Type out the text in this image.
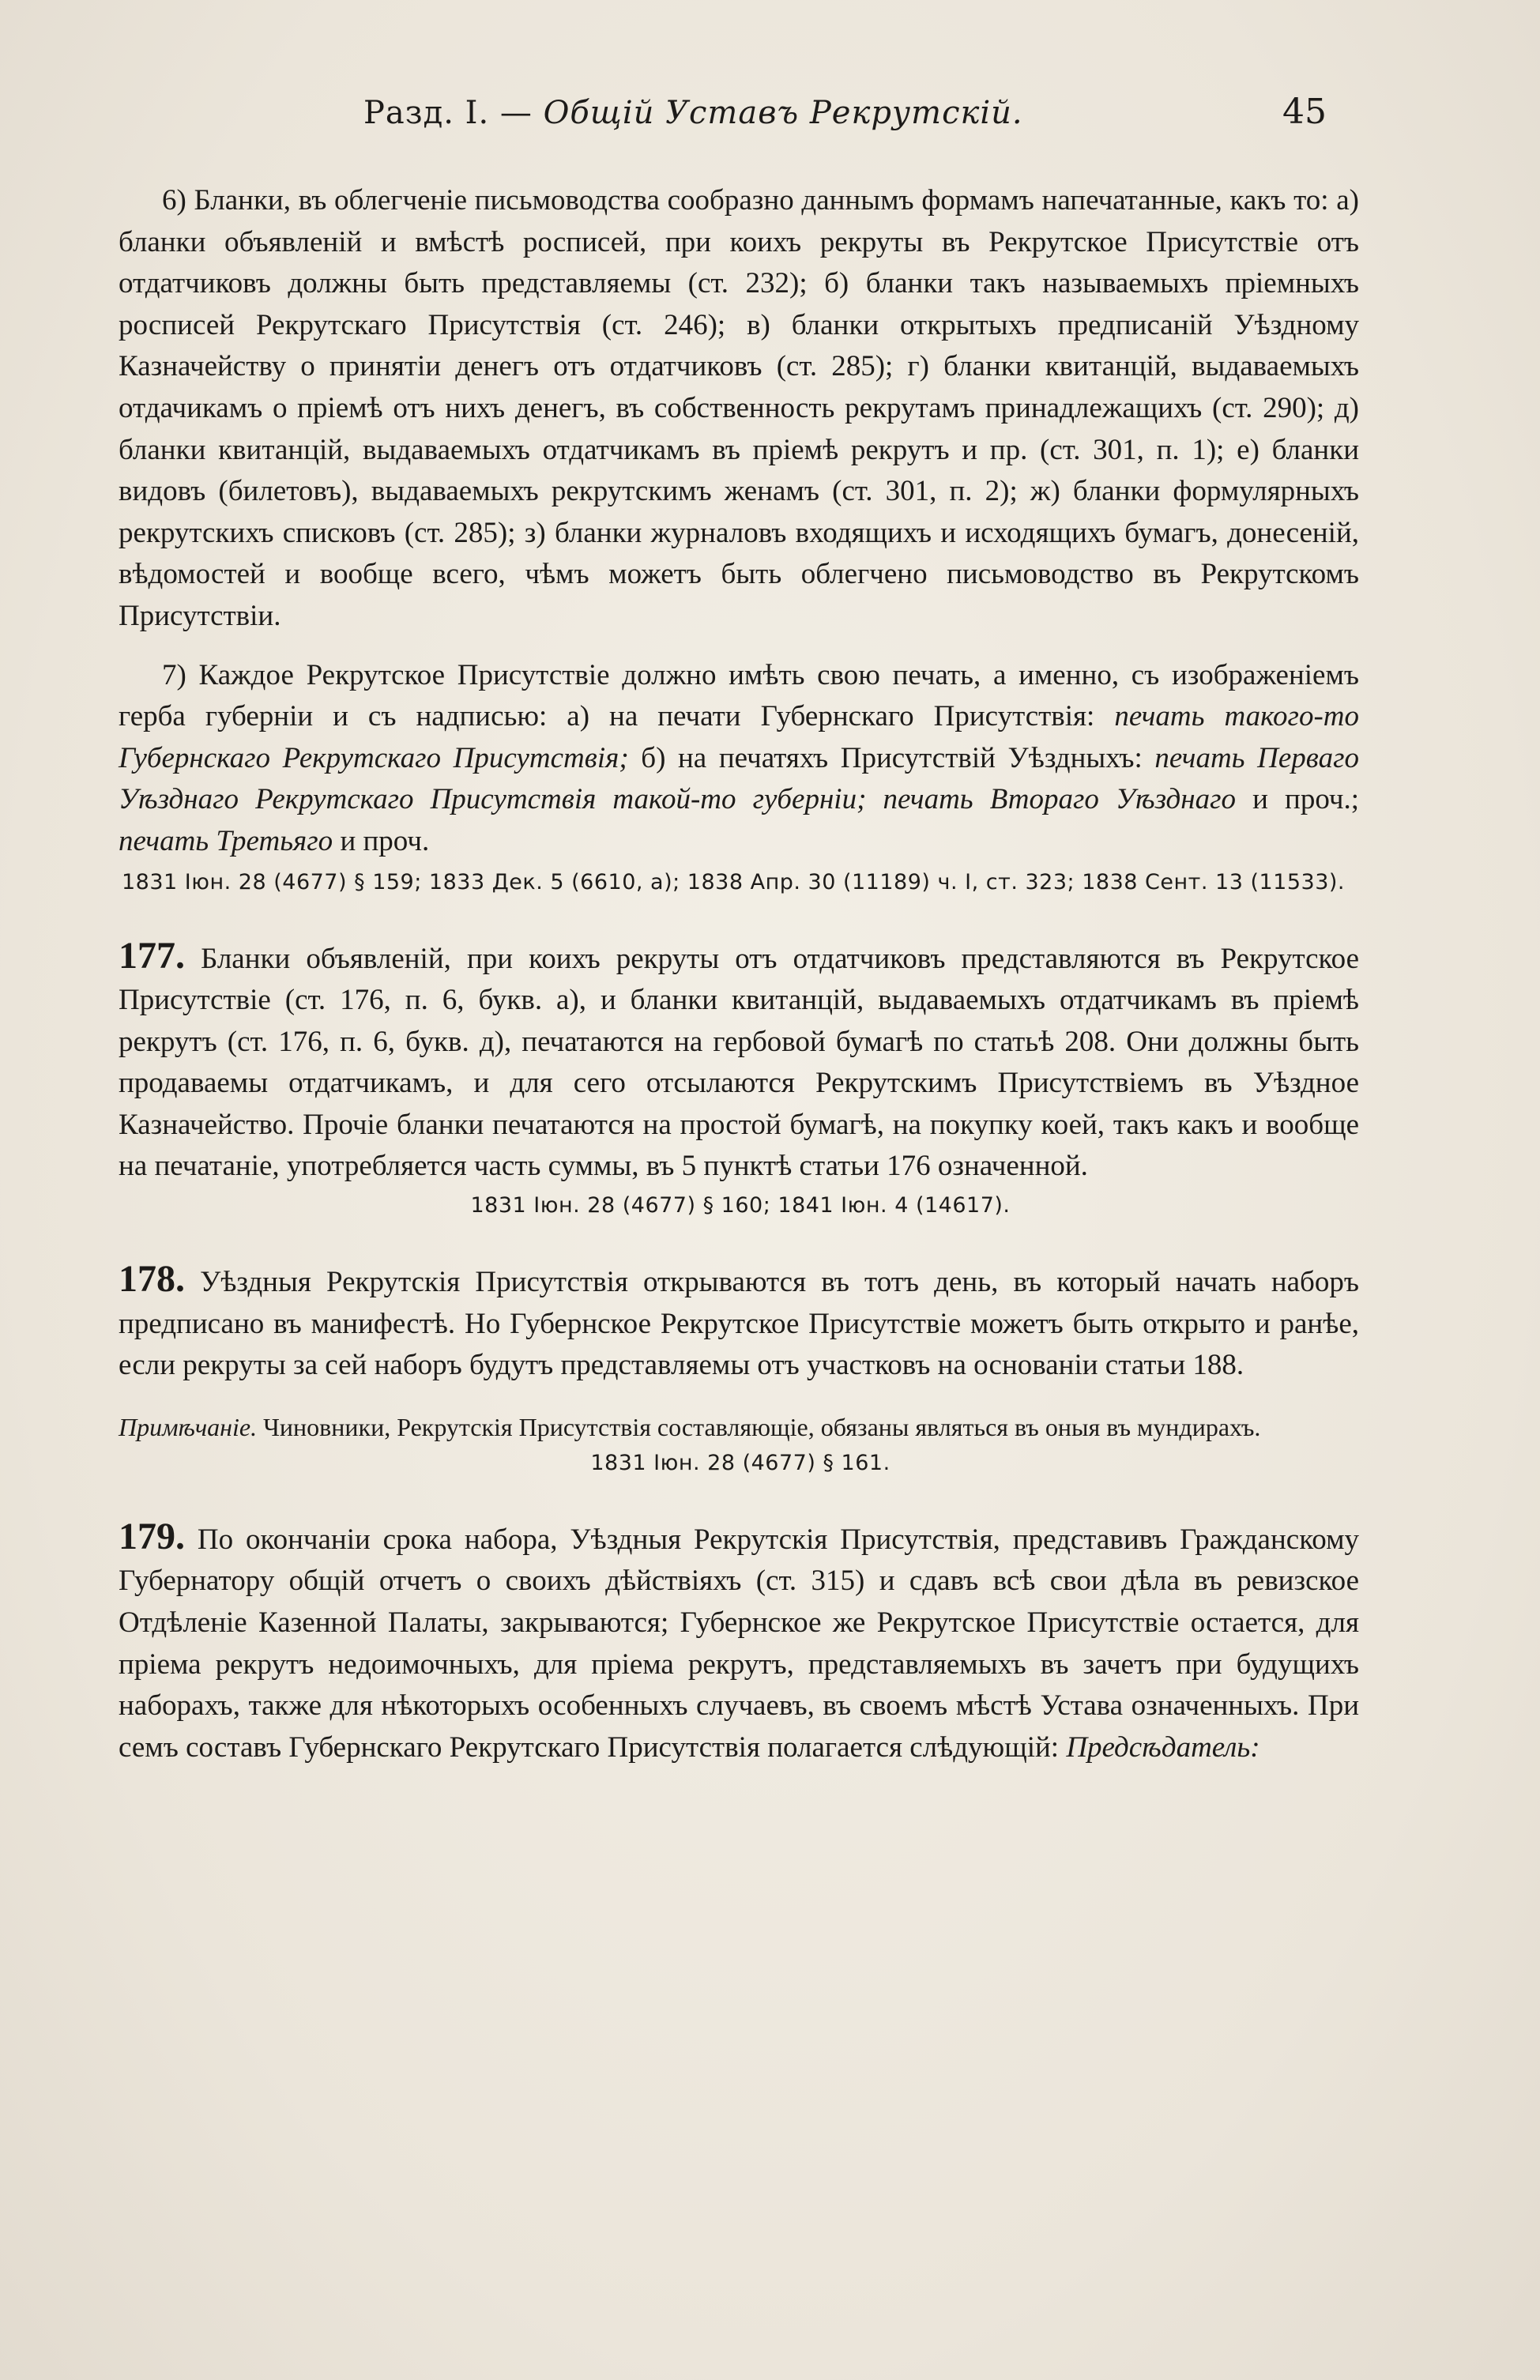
Разд. I. — Общій Уставъ Рекрутскій.	45

6) Бланки, въ облегченіе письмоводства сообразно даннымъ формамъ напечатанные, какъ то: а) бланки объявленій и вмѣстѣ росписей, при коихъ рекруты въ Рекрутское Присутствіе отъ отдатчиковъ должны быть представляемы (ст. 232); б) бланки такъ называемыхъ пріемныхъ росписей Рекрутскаго Присутствія (ст. 246); в) бланки открытыхъ предписаній Уѣздному Казначейству о принятіи денегъ отъ отдатчиковъ (ст. 285); г) бланки квитанцій, выдаваемыхъ отдачикамъ о пріемѣ отъ нихъ денегъ, въ собственность рекрутамъ принадлежащихъ (ст. 290); д) бланки квитанцій, выдаваемыхъ отдатчикамъ въ пріемѣ рекрутъ и пр. (ст. 301, п. 1); е) бланки видовъ (билетовъ), выдаваемыхъ рекрутскимъ женамъ (ст. 301, п. 2); ж) бланки формулярныхъ рекрутскихъ списковъ (ст. 285); з) бланки журналовъ входящихъ и исходящихъ бумагъ, донесеній, вѣдомостей и вообще всего, чѣмъ можетъ быть облегчено письмоводство въ Рекрутскомъ Присутствіи.

7) Каждое Рекрутское Присутствіе должно имѣть свою печать, а именно, съ изображеніемъ герба губерніи и съ надписью: а) на печати Губернскаго Присутствія: печать такого-то Губернскаго Рекрутскаго Присутствія; б) на печатяхъ Присутствій Уѣздныхъ: печать Перваго Уѣзднаго Рекрутскаго Присутствія такой-то губерніи; печать Втораго Уѣзднаго и проч.; печать Третьяго и проч.

1831 Іюн. 28 (4677) § 159; 1833 Дек. 5 (6610, а); 1838 Апр. 30 (11189) ч. I, ст. 323; 1838 Сент. 13 (11533).

177. Бланки объявленій, при коихъ рекруты отъ отдатчиковъ представляются въ Рекрутское Присутствіе (ст. 176, п. 6, букв. а), и бланки квитанцій, выдаваемыхъ отдатчикамъ въ пріемѣ рекрутъ (ст. 176, п. 6, букв. д), печатаются на гербовой бумагѣ по статьѣ 208. Они должны быть продаваемы отдатчикамъ, и для сего отсылаются Рекрутскимъ Присутствіемъ въ Уѣздное Казначейство. Прочіе бланки печатаются на простой бумагѣ, на покупку коей, такъ какъ и вообще на печатаніе, употребляется часть суммы, въ 5 пунктѣ статьи 176 означенной.

1831 Іюн. 28 (4677) § 160; 1841 Іюн. 4 (14617).

178. Уѣздныя Рекрутскія Присутствія открываются въ тотъ день, въ который начать наборъ предписано въ манифестѣ. Но Губернское Рекрутское Присутствіе можетъ быть открыто и ранѣе, если рекруты за сей наборъ будутъ представляемы отъ участковъ на основаніи статьи 188.

Примѣчаніе. Чиновники, Рекрутскія Присутствія составляющіе, обязаны являться въ оныя въ мундирахъ.

1831 Іюн. 28 (4677) § 161.

179. По окончаніи срока набора, Уѣздныя Рекрутскія Присутствія, представивъ Гражданскому Губернатору общій отчетъ о своихъ дѣйствіяхъ (ст. 315) и сдавъ всѣ свои дѣла въ ревизское Отдѣленіе Казенной Палаты, закрываются; Губернское же Рекрутское Присутствіе остается, для пріема рекрутъ недоимочныхъ, для пріема рекрутъ, представляемыхъ въ зачетъ при будущихъ наборахъ, также для нѣкоторыхъ особенныхъ случаевъ, въ своемъ мѣстѣ Устава означенныхъ. При семъ составъ Губернскаго Рекрутскаго Присутствія полагается слѣдующій: Предсѣдатель:
